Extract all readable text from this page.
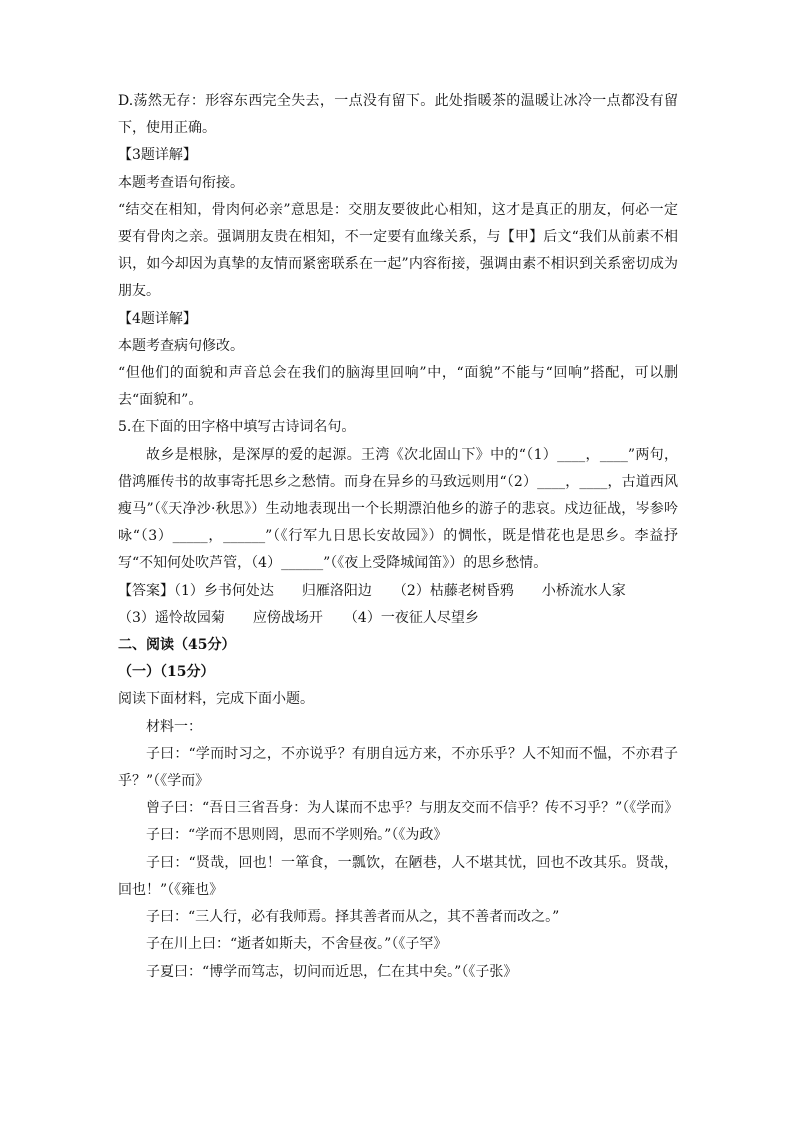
D.荡然无存：形容东西完全失去，一点没有留下。此处指暖茶的温暖让冰冷一点都没有留下，使用正确。

【3题详解】

本题考查语句衔接。

“结交在相知，骨肉何必亲”意思是：交朋友要彼此心相知，这才是真正的朋友，何必一定要有骨肉之亲。强调朋友贵在相知，不一定要有血缘关系，与【甲】后文“我们从前素不相识，如今却因为真挚的友情而紧密联系在一起”内容衔接，强调由素不相识到关系密切成为朋友。

【4题详解】

本题考查病句修改。

“但他们的面貌和声音总会在我们的脑海里回响”中，“面貌”不能与“回响”搭配，可以删去“面貌和”。

5.在下面的田字格中填写古诗词名句。

故乡是根脉，是深厚的爱的起源。王湾《次北固山下》中的“（1）____，____”两句，借鸿雁传书的故事寄托思乡之愁情。而身在异乡的马致远则用“（2）____，____，古道西风瘦马”（《天净沙·秋思》）生动地表现出一个长期漂泊他乡的游子的悲哀。戍边征战，岑参吟咏“（3）_____，______”（《行军九日思长安故园》）的惆怅，既是惜花也是思乡。李益抒写“不知何处吹芦管，（4）______”（《夜上受降城闻笛》）的思乡愁情。

【答案】（1）乡书何处达　　归雁洛阳边　　（2）枯藤老树昏鸦　　小桥流水人家

（3）遥怜故园菊　　应傍战场开　　（4）一夜征人尽望乡

二、阅读（45分）

（一）（15分）

阅读下面材料，完成下面小题。

材料一：

子曰：“学而时习之，不亦说乎？有朋自远方来，不亦乐乎？人不知而不愠，不亦君子乎？”（《学而》

曾子曰：“吾日三省吾身：为人谋而不忠乎？与朋友交而不信乎？传不习乎？”（《学而》

子曰：“学而不思则罔，思而不学则殆。”（《为政》

子曰：“贤哉，回也！一箪食，一瓢饮，在陋巷，人不堪其忧，回也不改其乐。贤哉，回也！”（《雍也》

子曰：“三人行，必有我师焉。择其善者而从之，其不善者而改之。”

子在川上曰：“逝者如斯夫，不舍昼夜。”（《子罕》

子夏曰：“博学而笃志，切问而近思，仁在其中矣。”（《子张》
